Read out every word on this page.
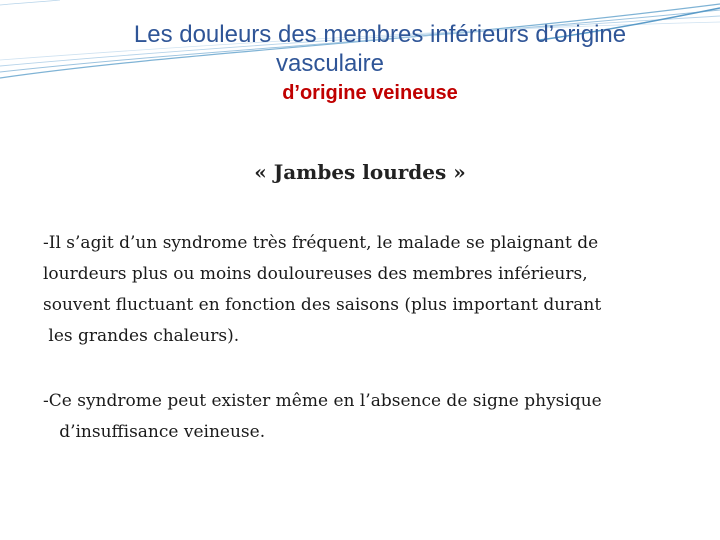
Les douleurs des membres inférieurs d’origine
vasculaire
d’origine veineuse
« Jambes lourdes »

-Il s’agit d’un syndrome très fréquent, le malade se plaignant de
lourdeurs plus ou moins douloureuses des membres inférieurs,
souvent fluctuant en fonction des saisons (plus important durant
les grandes chaleurs).

-Ce syndrome peut exister même en l’absence de signe physique
d’insuffisance veineuse.
